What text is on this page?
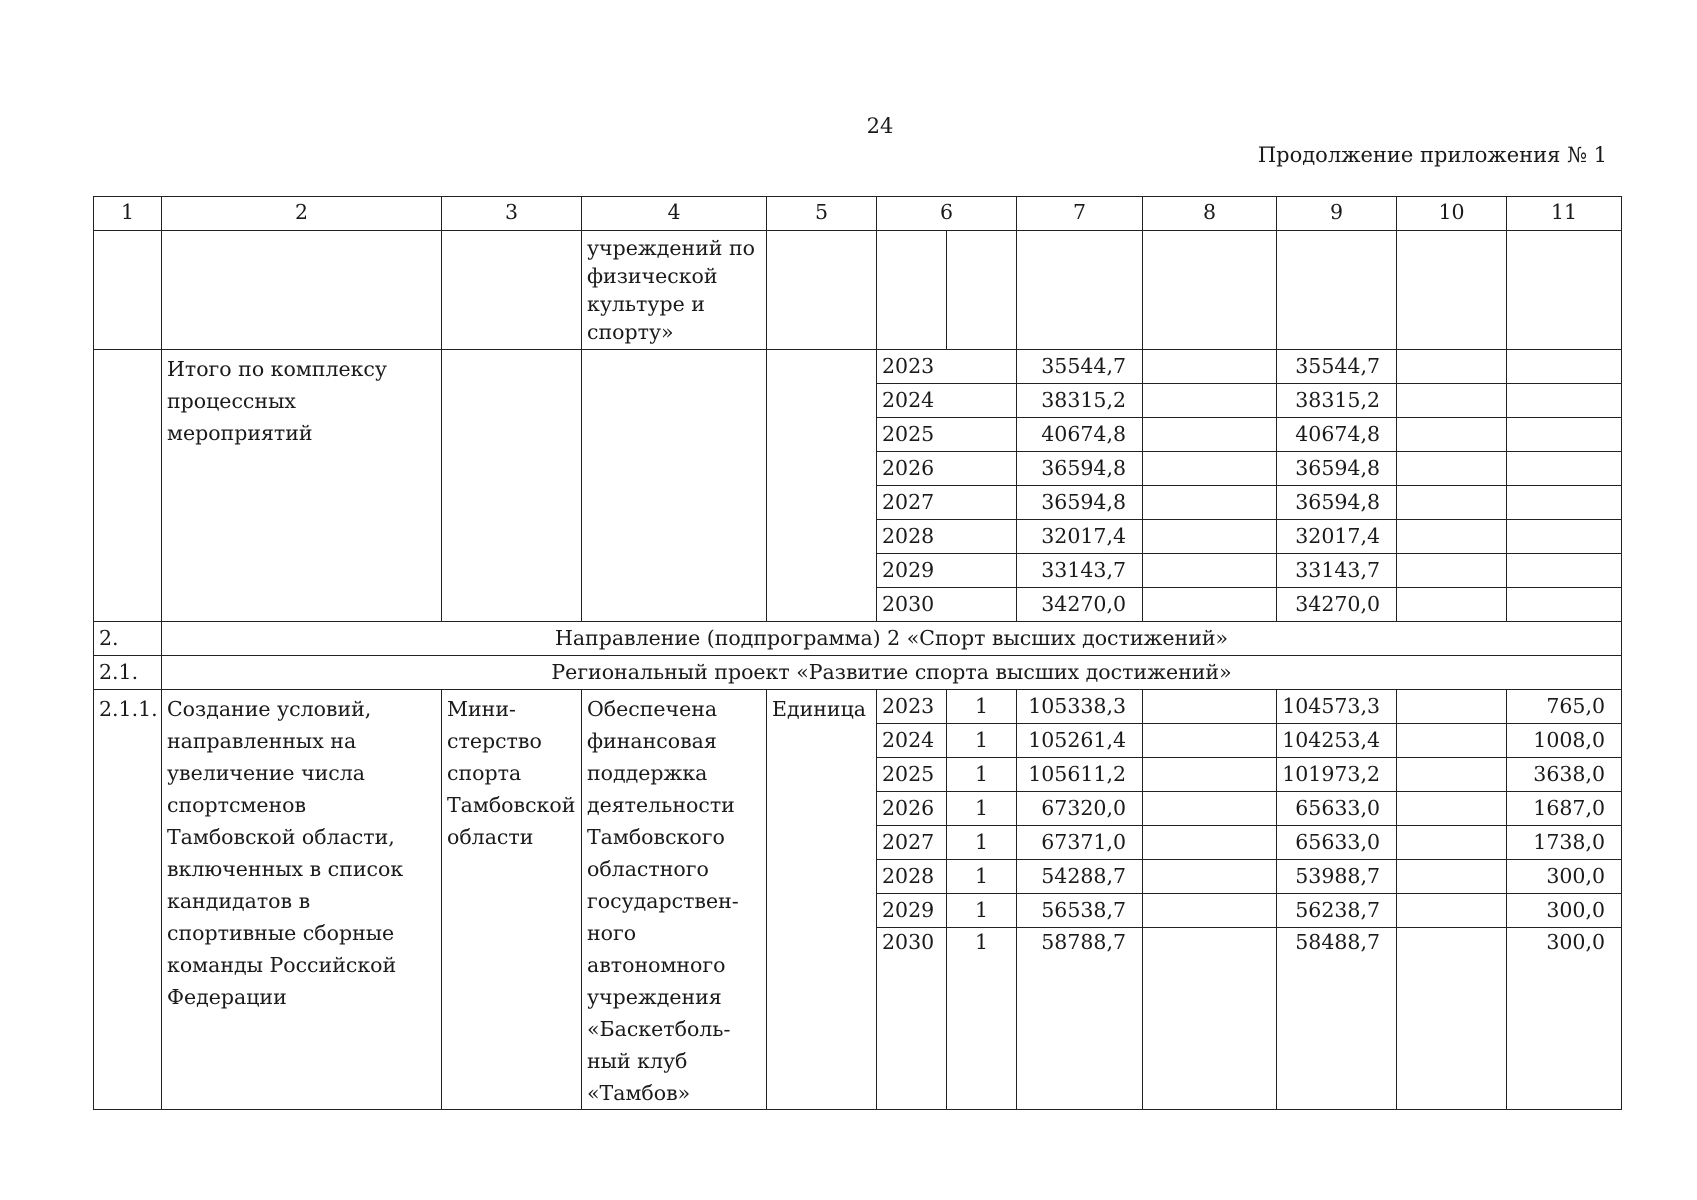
24
Продолжение приложения № 1
1	2	3	4	5	6		7	8	9	10	11
			учреждений по физической культуре и спорту»								
	Итого по комплексу процессных мероприятий				2023		35544,7		35544,7		
					2024		38315,2		38315,2		
					2025		40674,8		40674,8		
					2026		36594,8		36594,8		
					2027		36594,8		36594,8		
					2028		32017,4		32017,4		
					2029		33143,7		33143,7		
					2030		34270,0		34270,0		
2.	Направление (подпрограмма) 2 «Спорт высших достижений»										
2.1.	Региональный проект «Развитие спорта высших достижений»										
2.1.1.	Создание условий, направленных на увеличение числа спортсменов Тамбовской области, включенных в список кандидатов в спортивные сборные команды Российской Федерации	Мини-стерство спорта Тамбовской области	Обеспечена финансовая поддержка деятельности Тамбовского областного государствен-ного автономного учреждения «Баскетболь-ный клуб «Тамбов»	Единица	2023	1	105338,3		104573,3		765,0
					2024	1	105261,4		104253,4		1008,0
					2025	1	105611,2		101973,2		3638,0
					2026	1	67320,0		65633,0		1687,0
					2027	1	67371,0		65633,0		1738,0
					2028	1	54288,7		53988,7		300,0
					2029	1	56538,7		56238,7		300,0
					2030	1	58788,7		58488,7		300,0
